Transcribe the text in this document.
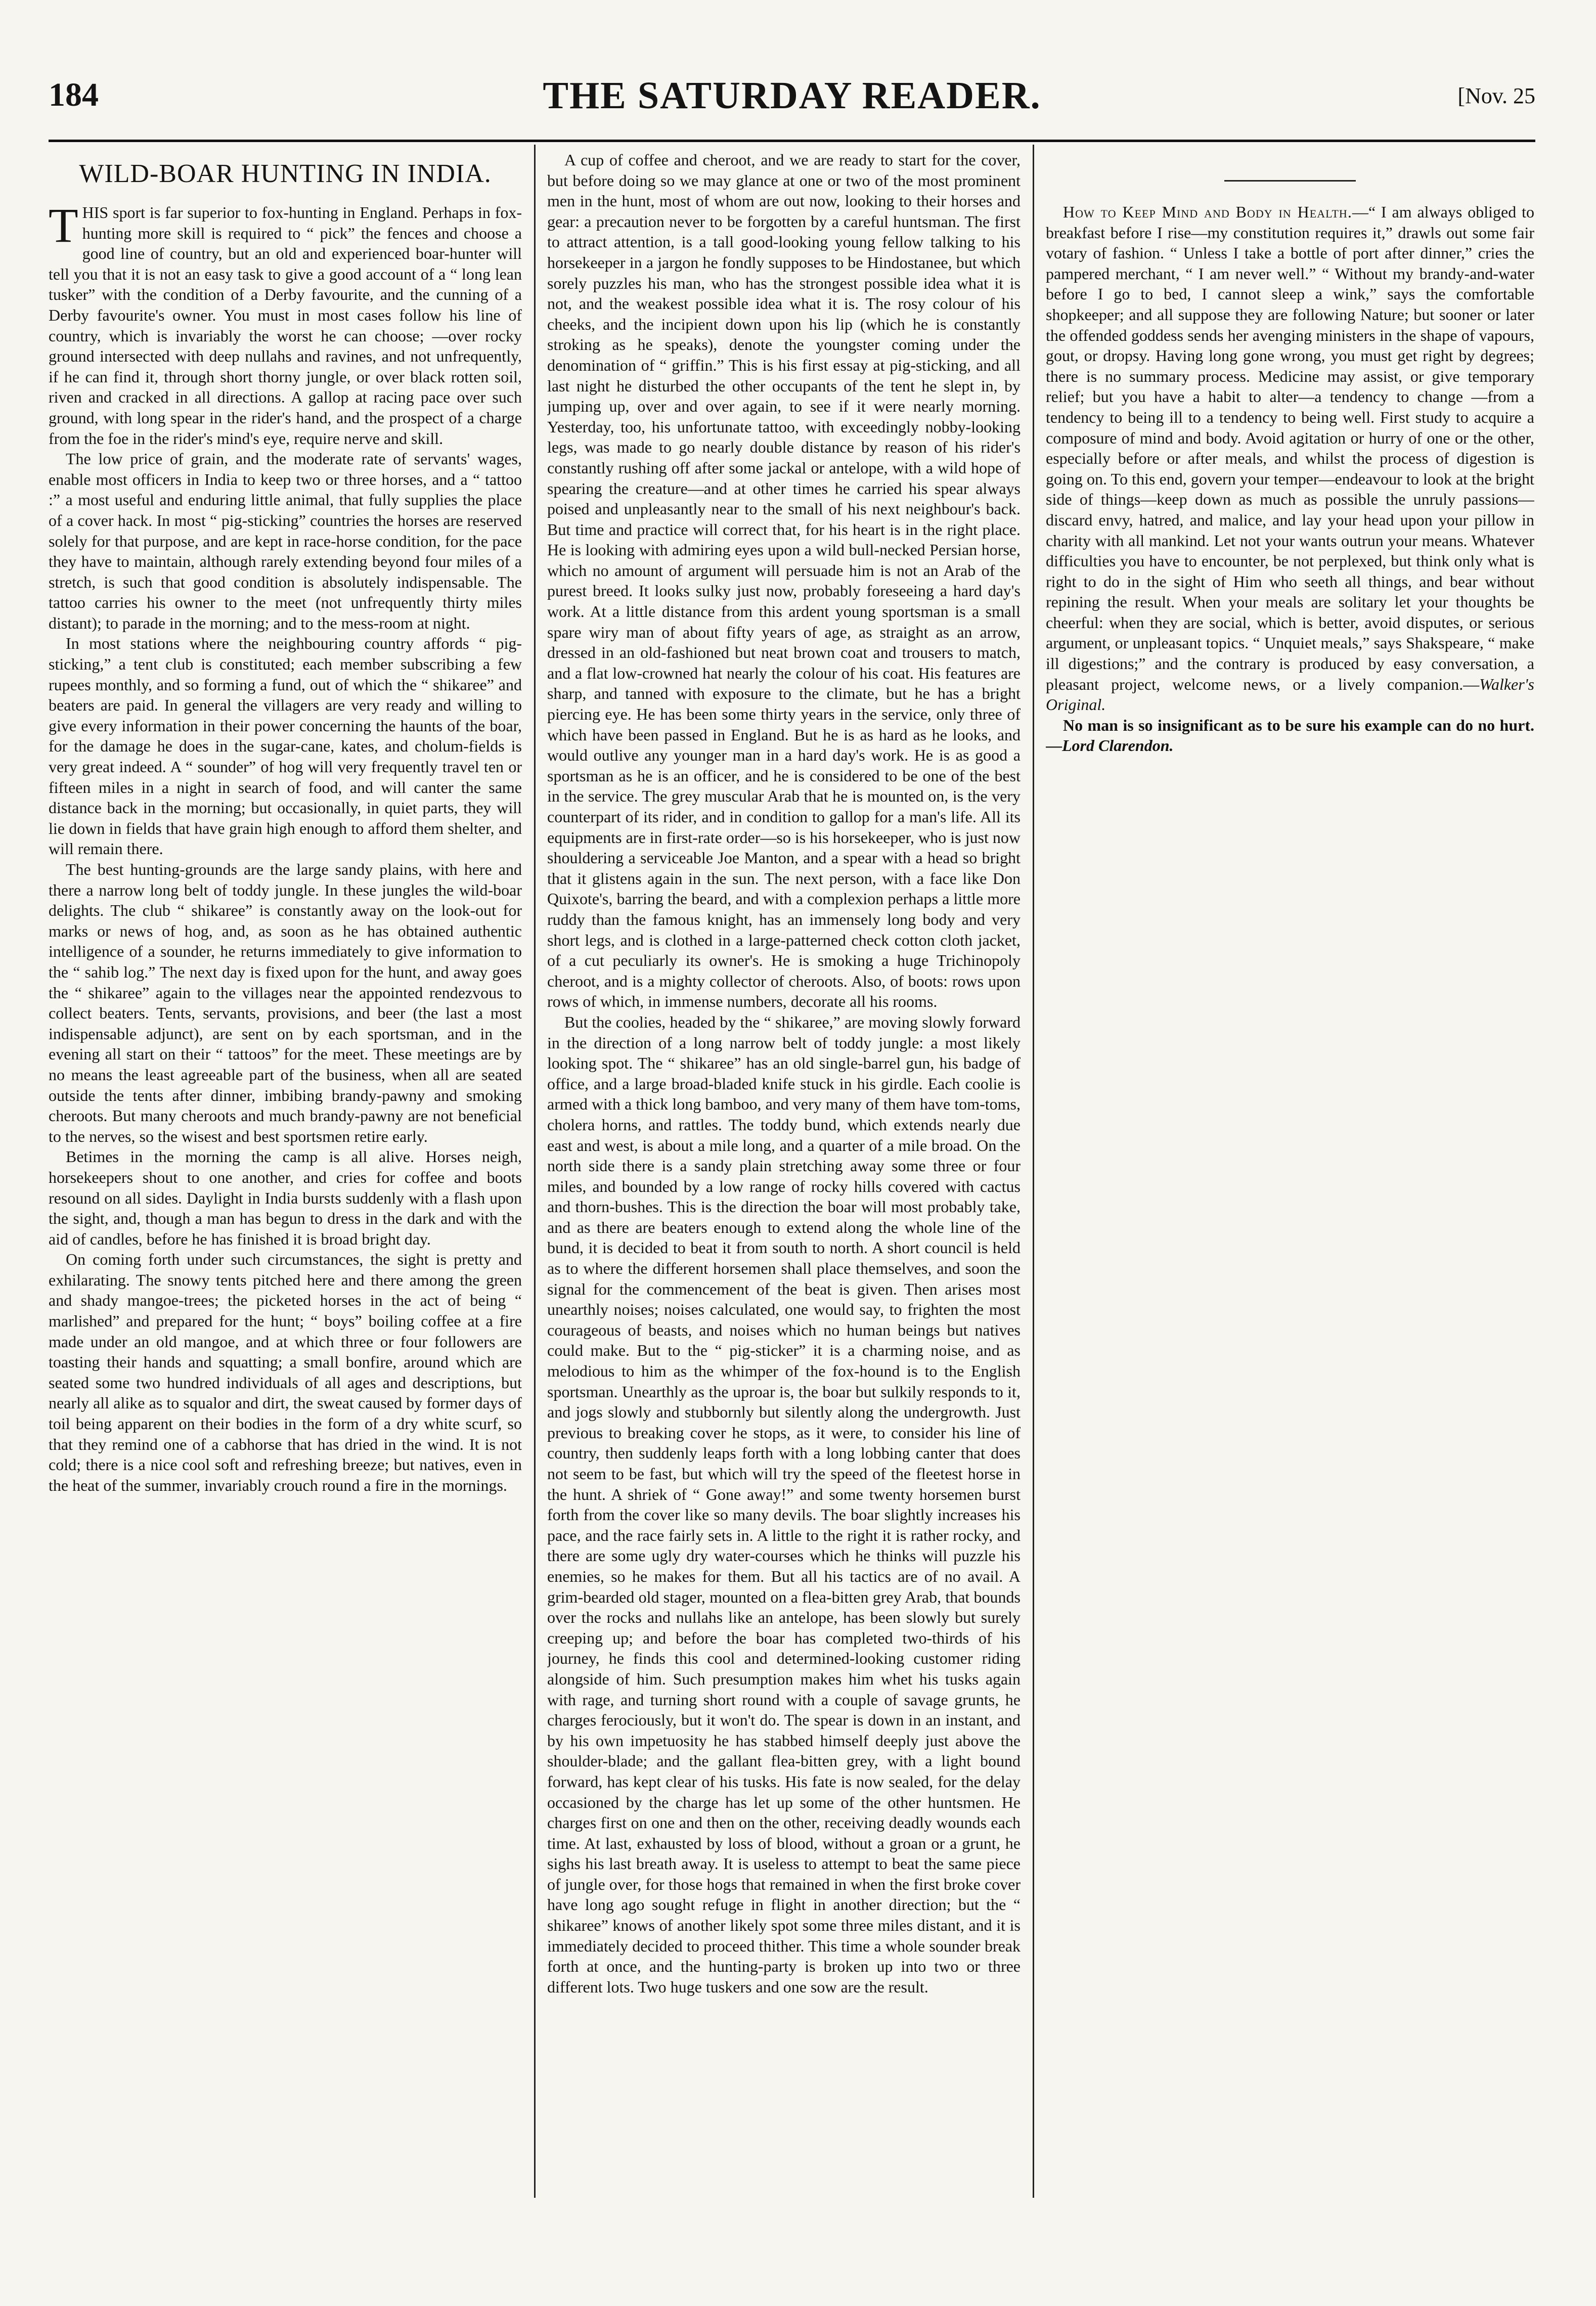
184	THE SATURDAY READER.	[Nov. 25
WILD-BOAR HUNTING IN INDIA.

THIS sport is far superior to fox-hunting in England. Perhaps in fox-hunting more skill is required to “ pick” the fences and choose a good line of country, but an old and experienced boar-hunter will tell you that it is not an easy task to give a good account of a “ long lean tusker” with the condition of a Derby favourite, and the cunning of a Derby favourite's owner. You must in most cases follow his line of country, which is invariably the worst he can choose; —over rocky ground intersected with deep nullahs and ravines, and not unfrequently, if he can find it, through short thorny jungle, or over black rotten soil, riven and cracked in all directions. A gallop at racing pace over such ground, with long spear in the rider's hand, and the prospect of a charge from the foe in the rider's mind's eye, require nerve and skill.

The low price of grain, and the moderate rate of servants' wages, enable most officers in India to keep two or three horses, and a “ tattoo :” a most useful and enduring little animal, that fully supplies the place of a cover hack. In most “ pig-sticking” countries the horses are reserved solely for that purpose, and are kept in race-horse condition, for the pace they have to maintain, although rarely extending beyond four miles of a stretch, is such that good condition is absolutely indispensable. The tattoo carries his owner to the meet (not unfrequently thirty miles distant); to parade in the morning; and to the mess-room at night.

In most stations where the neighbouring country affords “ pig-sticking,” a tent club is constituted; each member subscribing a few rupees monthly, and so forming a fund, out of which the “ shikaree” and beaters are paid. In general the villagers are very ready and willing to give every information in their power concerning the haunts of the boar, for the damage he does in the sugar-cane, kates, and cholum-fields is very great indeed. A “ sounder” of hog will very frequently travel ten or fifteen miles in a night in search of food, and will canter the same distance back in the morning; but occasionally, in quiet parts, they will lie down in fields that have grain high enough to afford them shelter, and will remain there.

The best hunting-grounds are the large sandy plains, with here and there a narrow long belt of toddy jungle. In these jungles the wild-boar delights. The club “ shikaree” is constantly away on the look-out for marks or news of hog, and, as soon as he has obtained authentic intelligence of a sounder, he returns immediately to give information to the “ sahib log.” The next day is fixed upon for the hunt, and away goes the “ shikaree” again to the villages near the appointed rendezvous to collect beaters. Tents, servants, provisions, and beer (the last a most indispensable adjunct), are sent on by each sportsman, and in the evening all start on their “ tattoos” for the meet. These meetings are by no means the least agreeable part of the business, when all are seated outside the tents after dinner, imbibing brandy-pawny and smoking cheroots. But many cheroots and much brandy-pawny are not beneficial to the nerves, so the wisest and best sportsmen retire early.

Betimes in the morning the camp is all alive. Horses neigh, horsekeepers shout to one another, and cries for coffee and boots resound on all sides. Daylight in India bursts suddenly with a flash upon the sight, and, though a man has begun to dress in the dark and with the aid of candles, before he has finished it is broad bright day.

On coming forth under such circumstances, the sight is pretty and exhilarating. The snowy tents pitched here and there among the green and shady mangoe-trees; the picketed horses in the act of being “ marlished” and prepared for the hunt; “ boys” boiling coffee at a fire made under an old mangoe, and at which three or four followers are toasting their hands and squatting; a small bonfire, around which are seated some two hundred individuals of all ages and descriptions, but nearly all alike as to squalor and dirt, the sweat caused by former days of toil being apparent on their bodies in the form of a dry white scurf, so that they remind one of a cabhorse that has dried in the wind. It is not cold; there is a nice cool soft and refreshing breeze; but natives, even in the heat of the summer, invariably crouch round a fire in the mornings.

A cup of coffee and cheroot, and we are ready to start for the cover, but before doing so we may glance at one or two of the most prominent men in the hunt, most of whom are out now, looking to their horses and gear: a precaution never to be forgotten by a careful huntsman. The first to attract attention, is a tall good-looking young fellow talking to his horsekeeper in a jargon he fondly supposes to be Hindostanee, but which sorely puzzles his man, who has the strongest possible idea what it is not, and the weakest possible idea what it is. The rosy colour of his cheeks, and the incipient down upon his lip (which he is constantly stroking as he speaks), denote the youngster coming under the denomination of “ griffin.” This is his first essay at pig-sticking, and all last night he disturbed the other occupants of the tent he slept in, by jumping up, over and over again, to see if it were nearly morning. Yesterday, too, his unfortunate tattoo, with exceedingly nobby-looking legs, was made to go nearly double distance by reason of his rider's constantly rushing off after some jackal or antelope, with a wild hope of spearing the creature—and at other times he carried his spear always poised and unpleasantly near to the small of his next neighbour's back. But time and practice will correct that, for his heart is in the right place. He is looking with admiring eyes upon a wild bull-necked Persian horse, which no amount of argument will persuade him is not an Arab of the purest breed. It looks sulky just now, probably foreseeing a hard day's work. At a little distance from this ardent young sportsman is a small spare wiry man of about fifty years of age, as straight as an arrow, dressed in an old-fashioned but neat brown coat and trousers to match, and a flat low-crowned hat nearly the colour of his coat. His features are sharp, and tanned with exposure to the climate, but he has a bright piercing eye. He has been some thirty years in the service, only three of which have been passed in England. But he is as hard as he looks, and would outlive any younger man in a hard day's work. He is as good a sportsman as he is an officer, and he is considered to be one of the best in the service. The grey muscular Arab that he is mounted on, is the very counterpart of its rider, and in condition to gallop for a man's life. All its equipments are in first-rate order—so is his horsekeeper, who is just now shouldering a serviceable Joe Manton, and a spear with a head so bright that it glistens again in the sun. The next person, with a face like Don Quixote's, barring the beard, and with a complexion perhaps a little more ruddy than the famous knight, has an immensely long body and very short legs, and is clothed in a large-patterned check cotton cloth jacket, of a cut peculiarly its owner's. He is smoking a huge Trichinopoly cheroot, and is a mighty collector of cheroots. Also, of boots: rows upon rows of which, in immense numbers, decorate all his rooms.

But the coolies, headed by the “ shikaree,” are moving slowly forward in the direction of a long narrow belt of toddy jungle: a most likely looking spot. The “ shikaree” has an old single-barrel gun, his badge of office, and a large broad-bladed knife stuck in his girdle. Each coolie is armed with a thick long bamboo, and very many of them have tom-toms, cholera horns, and rattles. The toddy bund, which extends nearly due east and west, is about a mile long, and a quarter of a mile broad. On the north side there is a sandy plain stretching away some three or four miles, and bounded by a low range of rocky hills covered with cactus and thorn-bushes. This is the direction the boar will most probably take, and as there are beaters enough to extend along the whole line of the bund, it is decided to beat it from south to north. A short council is held as to where the different horsemen shall place themselves, and soon the signal for the commencement of the beat is given. Then arises most unearthly noises; noises calculated, one would say, to frighten the most courageous of beasts, and noises which no human beings but natives could make. But to the “ pig-sticker” it is a charming noise, and as melodious to him as the whimper of the fox-hound is to the English sportsman. Unearthly as the uproar is, the boar but sulkily responds to it, and jogs slowly and stubbornly but silently along the undergrowth. Just previous to breaking cover he stops, as it were, to consider his line of country, then suddenly leaps forth with a long lobbing canter that does not seem to be fast, but which will try the speed of the fleetest horse in the hunt. A shriek of “ Gone away!” and some twenty horsemen burst forth from the cover like so many devils. The boar slightly increases his pace, and the race fairly sets in. A little to the right it is rather rocky, and there are some ugly dry water-courses which he thinks will puzzle his enemies, so he makes for them. But all his tactics are of no avail. A grim-bearded old stager, mounted on a flea-bitten grey Arab, that bounds over the rocks and nullahs like an antelope, has been slowly but surely creeping up; and before the boar has completed two-thirds of his journey, he finds this cool and determined-looking customer riding alongside of him. Such presumption makes him whet his tusks again with rage, and turning short round with a couple of savage grunts, he charges ferociously, but it won't do. The spear is down in an instant, and by his own impetuosity he has stabbed himself deeply just above the shoulder-blade; and the gallant flea-bitten grey, with a light bound forward, has kept clear of his tusks. His fate is now sealed, for the delay occasioned by the charge has let up some of the other huntsmen. He charges first on one and then on the other, receiving deadly wounds each time. At last, exhausted by loss of blood, without a groan or a grunt, he sighs his last breath away. It is useless to attempt to beat the same piece of jungle over, for those hogs that remained in when the first broke cover have long ago sought refuge in flight in another direction; but the “ shikaree” knows of another likely spot some three miles distant, and it is immediately decided to proceed thither. This time a whole sounder break forth at once, and the hunting-party is broken up into two or three different lots. Two huge tuskers and one sow are the result.

How to Keep Mind and Body in Health.—“ I am always obliged to breakfast before I rise—my constitution requires it,” drawls out some fair votary of fashion. “ Unless I take a bottle of port after dinner,” cries the pampered merchant, “ I am never well.” “ Without my brandy-and-water before I go to bed, I cannot sleep a wink,” says the comfortable shopkeeper; and all suppose they are following Nature; but sooner or later the offended goddess sends her avenging ministers in the shape of vapours, gout, or dropsy. Having long gone wrong, you must get right by degrees; there is no summary process. Medicine may assist, or give temporary relief; but you have a habit to alter—a tendency to change —from a tendency to being ill to a tendency to being well. First study to acquire a composure of mind and body. Avoid agitation or hurry of one or the other, especially before or after meals, and whilst the process of digestion is going on. To this end, govern your temper—endeavour to look at the bright side of things—keep down as much as possible the unruly passions—discard envy, hatred, and malice, and lay your head upon your pillow in charity with all mankind. Let not your wants outrun your means. Whatever difficulties you have to encounter, be not perplexed, but think only what is right to do in the sight of Him who seeth all things, and bear without repining the result. When your meals are solitary let your thoughts be cheerful: when they are social, which is better, avoid disputes, or serious argument, or unpleasant topics. “ Unquiet meals,” says Shakspeare, “ make ill digestions;” and the contrary is produced by easy conversation, a pleasant project, welcome news, or a lively companion.—Walker's Original.

No man is so insignificant as to be sure his example can do no hurt.—Lord Clarendon.
